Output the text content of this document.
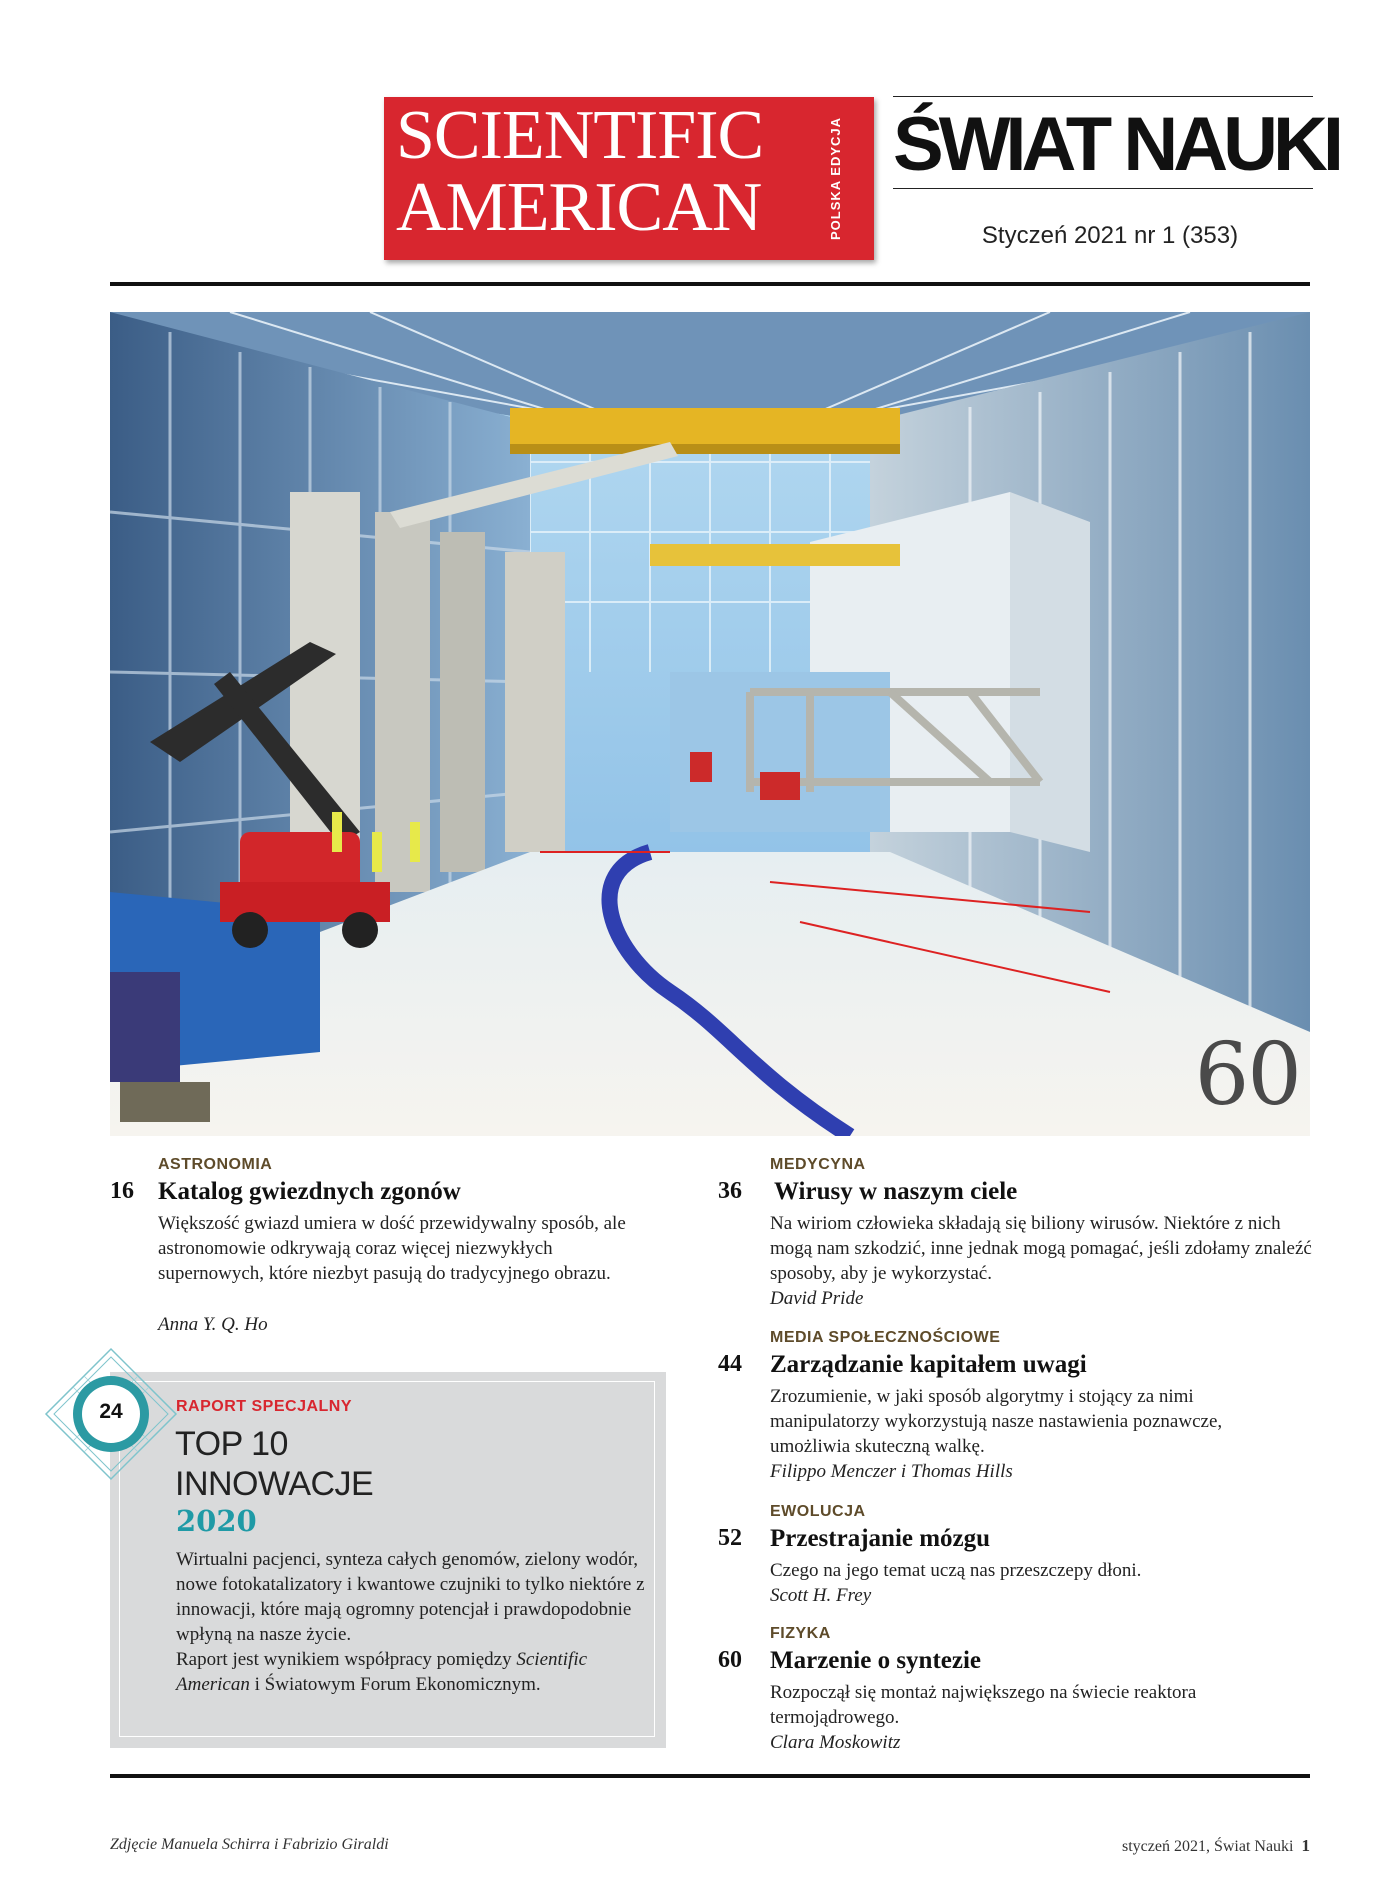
SCIENTIFIC
AMERICAN	POLSKA EDYCJA ŚWIAT NAUKI
Styczeń 2021 nr 1 (353)
60
ASTRONOMIA
16 Katalog gwiezdnych zgonów
Większość gwiazd umiera w dość przewidywalny sposób, ale astronomowie odkrywają coraz więcej niezwykłych supernowych, które niezbyt pasują do tradycyjnego obrazu.
Anna Y. Q. Ho
24	RAPORT SPECJALNY
TOP 10
INNOWACJE
2020
Wirtualni pacjenci, synteza całych genomów, zielony wodór, nowe fotokatalizatory i kwantowe czujniki to tylko niektóre z innowacji, które mają ogromny potencjał i prawdopodobnie wpłyną na nasze życie.
Raport jest wynikiem współpracy pomiędzy Scientific American i Światowym Forum Ekonomicznym.
MEDYCYNA
36 Wirusy w naszym ciele
Na wiriom człowieka składają się biliony wirusów. Niektóre z nich mogą nam szkodzić, inne jednak mogą pomagać, jeśli zdołamy znaleźć sposoby, aby je wykorzystać.
David Pride
MEDIA SPOŁECZNOŚCIOWE
44 Zarządzanie kapitałem uwagi
Zrozumienie, w jaki sposób algorytmy i stojący za nimi manipulatorzy wykorzystują nasze nastawienia poznawcze, umożliwia skuteczną walkę.
Filippo Menczer i Thomas Hills
EWOLUCJA
52 Przestrajanie mózgu
Czego na jego temat uczą nas przeszczepy dłoni.
Scott H. Frey
FIZYKA
60 Marzenie o syntezie
Rozpoczął się montaż największego na świecie reaktora termojądrowego.
Clara Moskowitz
Zdjęcie Manuela Schirra i Fabrizio Giraldi	styczeń 2021, Świat Nauki 1
